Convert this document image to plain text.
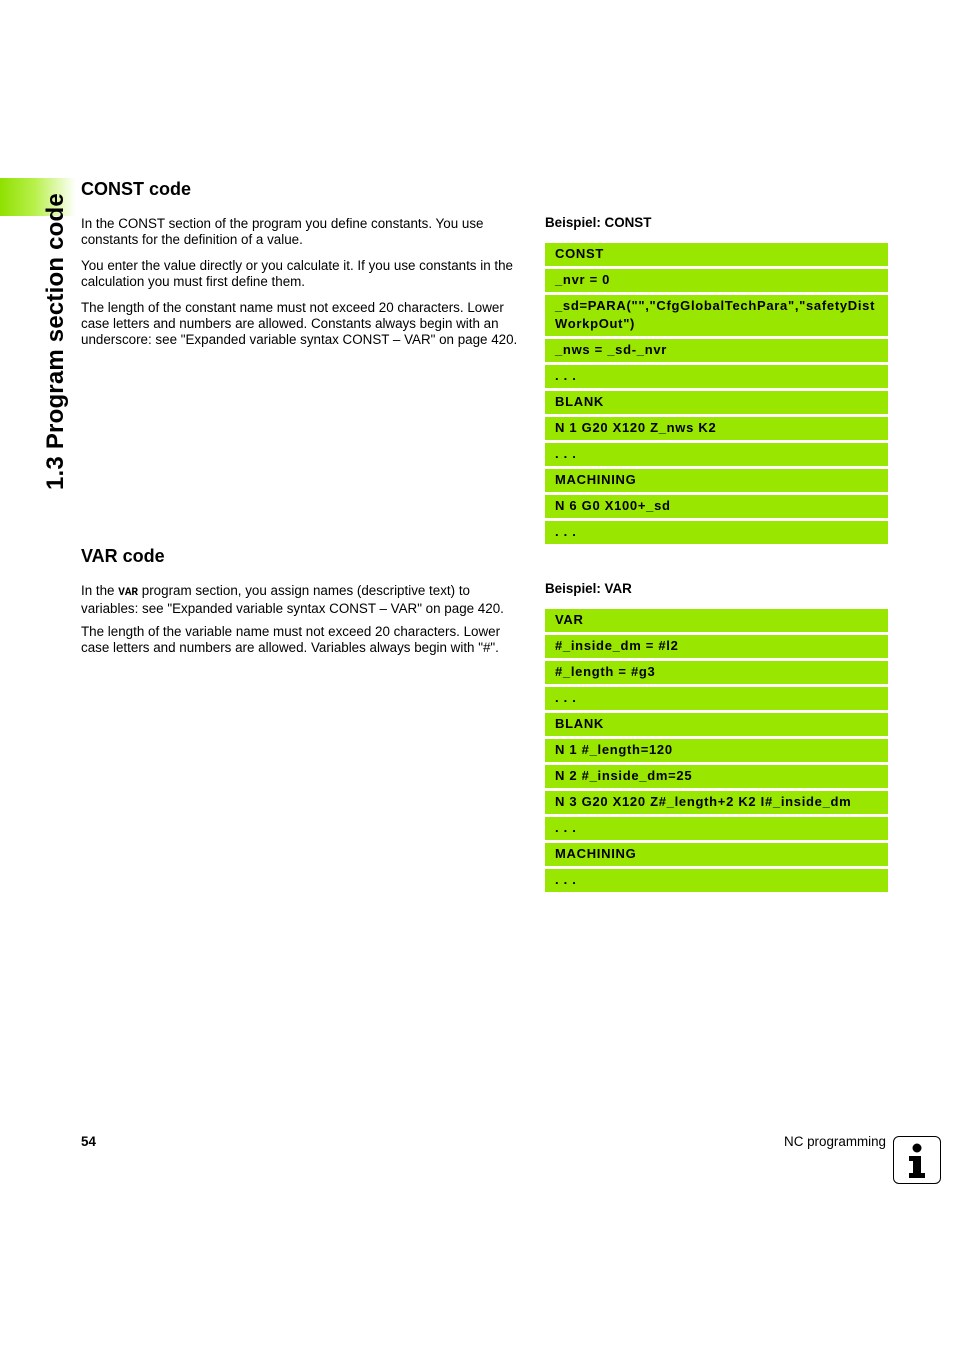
1.3 Program section code
CONST code

In the CONST section of the program you define constants. You use constants for the definition of a value.

You enter the value directly or you calculate it. If you use constants in the calculation you must first define them.

The length of the constant name must not exceed 20 characters. Lower case letters and numbers are allowed. Constants always begin with an underscore: see "Expanded variable syntax CONST – VAR" on page 420.

Beispiel: CONST
CONST
_nvr = 0
_sd=PARA("","CfgGlobalTechPara","safetyDistWorkpOut")
_nws = _sd-_nvr
. . .
BLANK
N 1 G20 X120 Z_nws K2
. . .
MACHINING
N 6 G0 X100+_sd
. . .
VAR code

In the VAR program section, you assign names (descriptive text) to variables: see "Expanded variable syntax CONST – VAR" on page 420.

The length of the variable name must not exceed 20 characters. Lower case letters and numbers are allowed. Variables always begin with "#".

Beispiel: VAR
VAR
#_inside_dm = #l2
#_length = #g3
. . .
BLANK
N 1 #_length=120
N 2 #_inside_dm=25
N 3 G20 X120 Z#_length+2 K2 I#_inside_dm
. . .
MACHINING
. . .
54	NC programming
